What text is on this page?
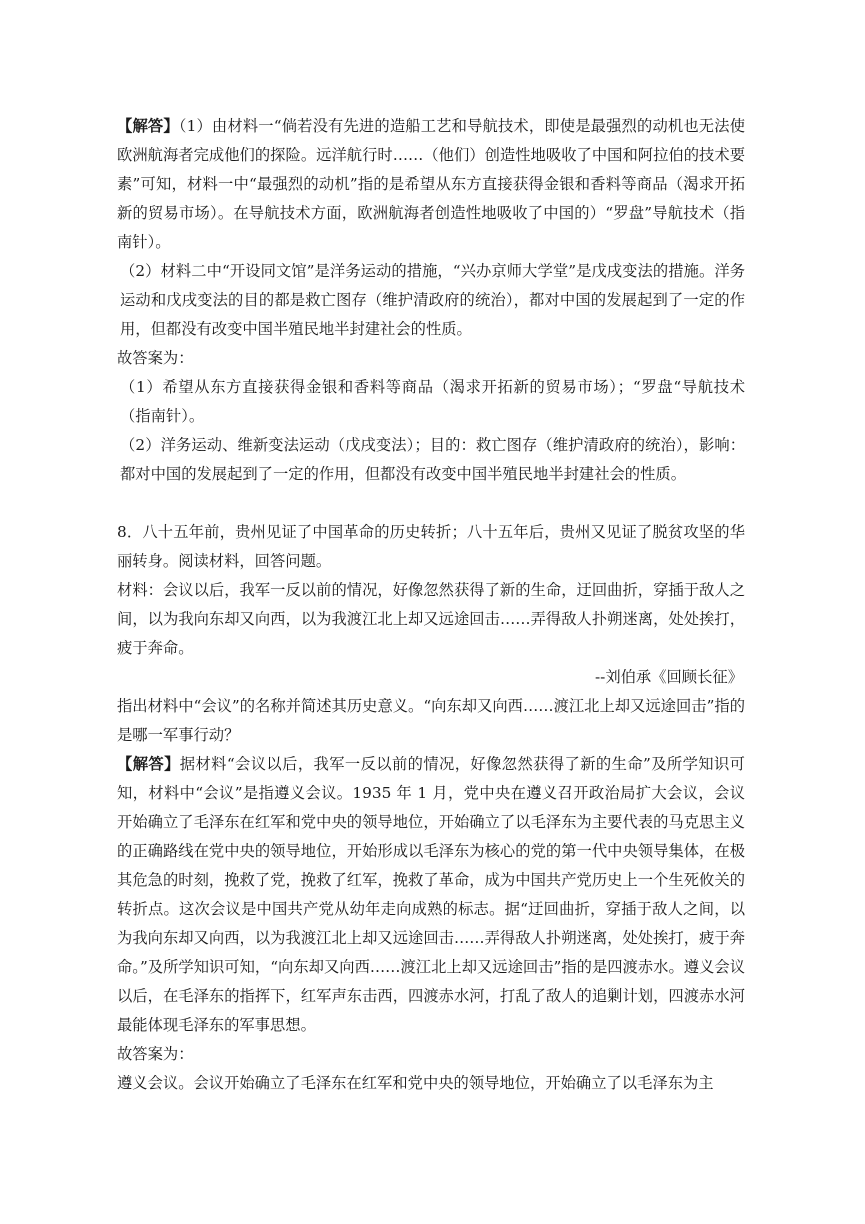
【解答】（1）由材料一“倘若没有先进的造船工艺和导航技术，即使是最强烈的动机也无法使欧洲航海者完成他们的探险。远洋航行时……（他们）创造性地吸收了中国和阿拉伯的技术要素”可知，材料一中“最强烈的动机”指的是希望从东方直接获得金银和香料等商品（渴求开拓新的贸易市场）。在导航技术方面，欧洲航海者创造性地吸收了中国的）“罗盘”导航技术（指南针）。

（2）材料二中“开设同文馆”是洋务运动的措施，“兴办京师大学堂”是戊戌变法的措施。洋务运动和戊戌变法的目的都是救亡图存（维护清政府的统治），都对中国的发展起到了一定的作用，但都没有改变中国半殖民地半封建社会的性质。

故答案为：

（1）希望从东方直接获得金银和香料等商品（渴求开拓新的贸易市场）；“罗盘“导航技术（指南针）。

（2）洋务运动、维新变法运动（戊戌变法）；目的：救亡图存（维护清政府的统治），影响：都对中国的发展起到了一定的作用，但都没有改变中国半殖民地半封建社会的性质。

8．八十五年前，贵州见证了中国革命的历史转折；八十五年后，贵州又见证了脱贫攻坚的华丽转身。阅读材料，回答问题。

材料：会议以后，我军一反以前的情况，好像忽然获得了新的生命，迂回曲折，穿插于敌人之间，以为我向东却又向西，以为我渡江北上却又远途回击……弄得敌人扑朔迷离，处处挨打，疲于奔命。

--刘伯承《回顾长征》

指出材料中“会议”的名称并简述其历史意义。“向东却又向西……渡江北上却又远途回击”指的是哪一军事行动？

【解答】据材料“会议以后，我军一反以前的情况，好像忽然获得了新的生命”及所学知识可知，材料中“会议”是指遵义会议。1935 年 1 月，党中央在遵义召开政治局扩大会议，会议开始确立了毛泽东在红军和党中央的领导地位，开始确立了以毛泽东为主要代表的马克思主义的正确路线在党中央的领导地位，开始形成以毛泽东为核心的党的第一代中央领导集体，在极其危急的时刻，挽救了党，挽救了红军，挽救了革命，成为中国共产党历史上一个生死攸关的转折点。这次会议是中国共产党从幼年走向成熟的标志。据“迂回曲折，穿插于敌人之间，以为我向东却又向西，以为我渡江北上却又远途回击……弄得敌人扑朔迷离，处处挨打，疲于奔命。”及所学知识可知，“向东却又向西……渡江北上却又远途回击”指的是四渡赤水。遵义会议以后，在毛泽东的指挥下，红军声东击西，四渡赤水河，打乱了敌人的追剿计划，四渡赤水河最能体现毛泽东的军事思想。

故答案为：

遵义会议。会议开始确立了毛泽东在红军和党中央的领导地位，开始确立了以毛泽东为主
